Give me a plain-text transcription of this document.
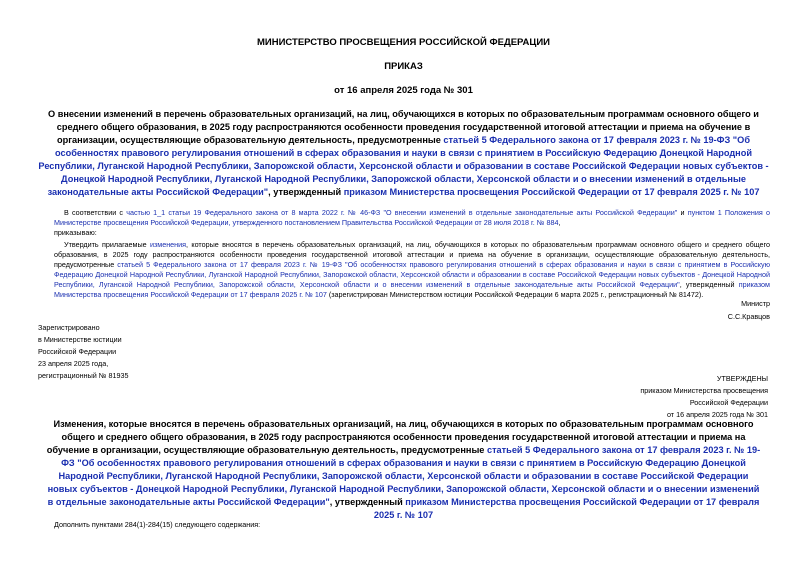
МИНИСТЕРСТВО ПРОСВЕЩЕНИЯ РОССИЙСКОЙ ФЕДЕРАЦИИ
ПРИКАЗ
от 16 апреля 2025 года № 301
О внесении изменений в перечень образовательных организаций, на лиц, обучающихся в которых по образовательным программам основного общего и среднего общего образования, в 2025 году распространяются особенности проведения государственной итоговой аттестации и приема на обучение в организации, осуществляющие образовательную деятельность, предусмотренные статьей 5 Федерального закона от 17 февраля 2023 г. № 19-ФЗ "Об особенностях правового регулирования отношений в сферах образования и науки в связи с принятием в Российскую Федерацию Донецкой Народной Республики, Луганской Народной Республики, Запорожской области, Херсонской области и образовании в составе Российской Федерации новых субъектов - Донецкой Народной Республики, Луганской Народной Республики, Запорожской области, Херсонской области и о внесении изменений в отдельные законодательные акты Российской Федерации", утвержденный приказом Министерства просвещения Российской Федерации от 17 февраля 2025 г. № 107
В соответствии с частью 1_1 статьи 19 Федерального закона от 8 марта 2022 г. № 46-ФЗ "О внесении изменений в отдельные законодательные акты Российской Федерации" и пунктом 1 Положения о Министерстве просвещения Российской Федерации, утвержденного постановлением Правительства Российской Федерации от 28 июля 2018 г. № 884,
приказываю:
Утвердить прилагаемые изменения, которые вносятся в перечень образовательных организаций, на лиц, обучающихся в которых по образовательным программам основного общего и среднего общего образования, в 2025 году распространяются особенности проведения государственной итоговой аттестации и приема на обучение в организации, осуществляющие образовательную деятельность, предусмотренные статьей 5 Федерального закона от 17 февраля 2023 г. № 19-ФЗ "Об особенностях правового регулирования отношений в сферах образования и науки в связи с принятием в Российскую Федерацию Донецкой Народной Республики, Луганской Народной Республики, Запорожской области, Херсонской области и образовании в составе Российской Федерации новых субъектов - Донецкой Народной Республики, Луганской Народной Республики, Запорожской области, Херсонской области и о внесении изменений в отдельные законодательные акты Российской Федерации", утвержденный приказом Министерства просвещения Российской Федерации от 17 февраля 2025 г. № 107 (зарегистрирован Министерством юстиции Российской Федерации 6 марта 2025 г., регистрационный № 81472).
Министр
С.С.Кравцов
Зарегистрировано
в Министерстве юстиции
Российской Федерации
23 апреля 2025 года,
регистрационный № 81935	УТВЕРЖДЕНЫ
приказом Министерства просвещения
Российской Федерации
от 16 апреля 2025 года № 301
Изменения, которые вносятся в перечень образовательных организаций, на лиц, обучающихся в которых по образовательным программам основного общего и среднего общего образования, в 2025 году распространяются особенности проведения государственной итоговой аттестации и приема на обучение в организации, осуществляющие образовательную деятельность, предусмотренные статьей 5 Федерального закона от 17 февраля 2023 г. № 19-ФЗ "Об особенностях правового регулирования отношений в сферах образования и науки в связи с принятием в Российскую Федерацию Донецкой Народной Республики, Луганской Народной Республики, Запорожской области, Херсонской области и образовании в составе Российской Федерации новых субъектов - Донецкой Народной Республики, Луганской Народной Республики, Запорожской области, Херсонской области и о внесении изменений в отдельные законодательные акты Российской Федерации", утвержденный приказом Министерства просвещения Российской Федерации от 17 февраля 2025 г. № 107
Дополнить пунктами 284(1)-284(15) следующего содержания:
